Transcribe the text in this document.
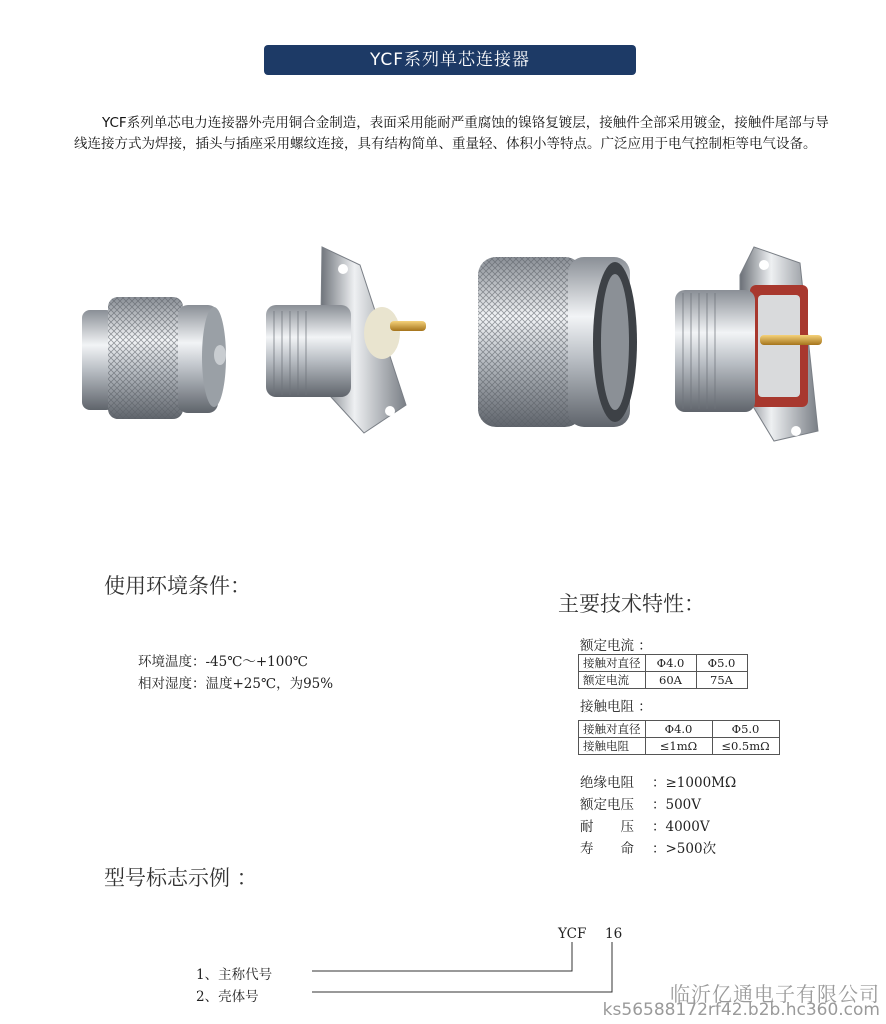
YCF系列单芯连接器
YCF系列单芯电力连接器外壳用铜合金制造，表面采用能耐严重腐蚀的镍铬复镀层，接触件全部采用镀金，接触件尾部与导线连接方式为焊接，插头与插座采用螺纹连接，具有结构简单、重量轻、体积小等特点。广泛应用于电气控制柜等电气设备。
使用环境条件：
环境温度：-45℃～+100℃
相对湿度：温度+25℃，为95%
主要技术特性：
额定电流 ：
接触对直径	Φ4.0	Φ5.0
额定电流	60A	75A
接触电阻 ：
接触对直径	Φ4.0	Φ5.0
接触电阻	≤1mΩ	≤0.5mΩ
绝缘电阻 ：≥1000MΩ
额定电压 ：500V
耐　　压 ：4000V
寿　　命 ：>500次
型号标志示例 ：
YCF 16
1、主称代号
2、壳体号	临沂亿通电子有限公司
ks56588172rf42.b2b.hc360.com
